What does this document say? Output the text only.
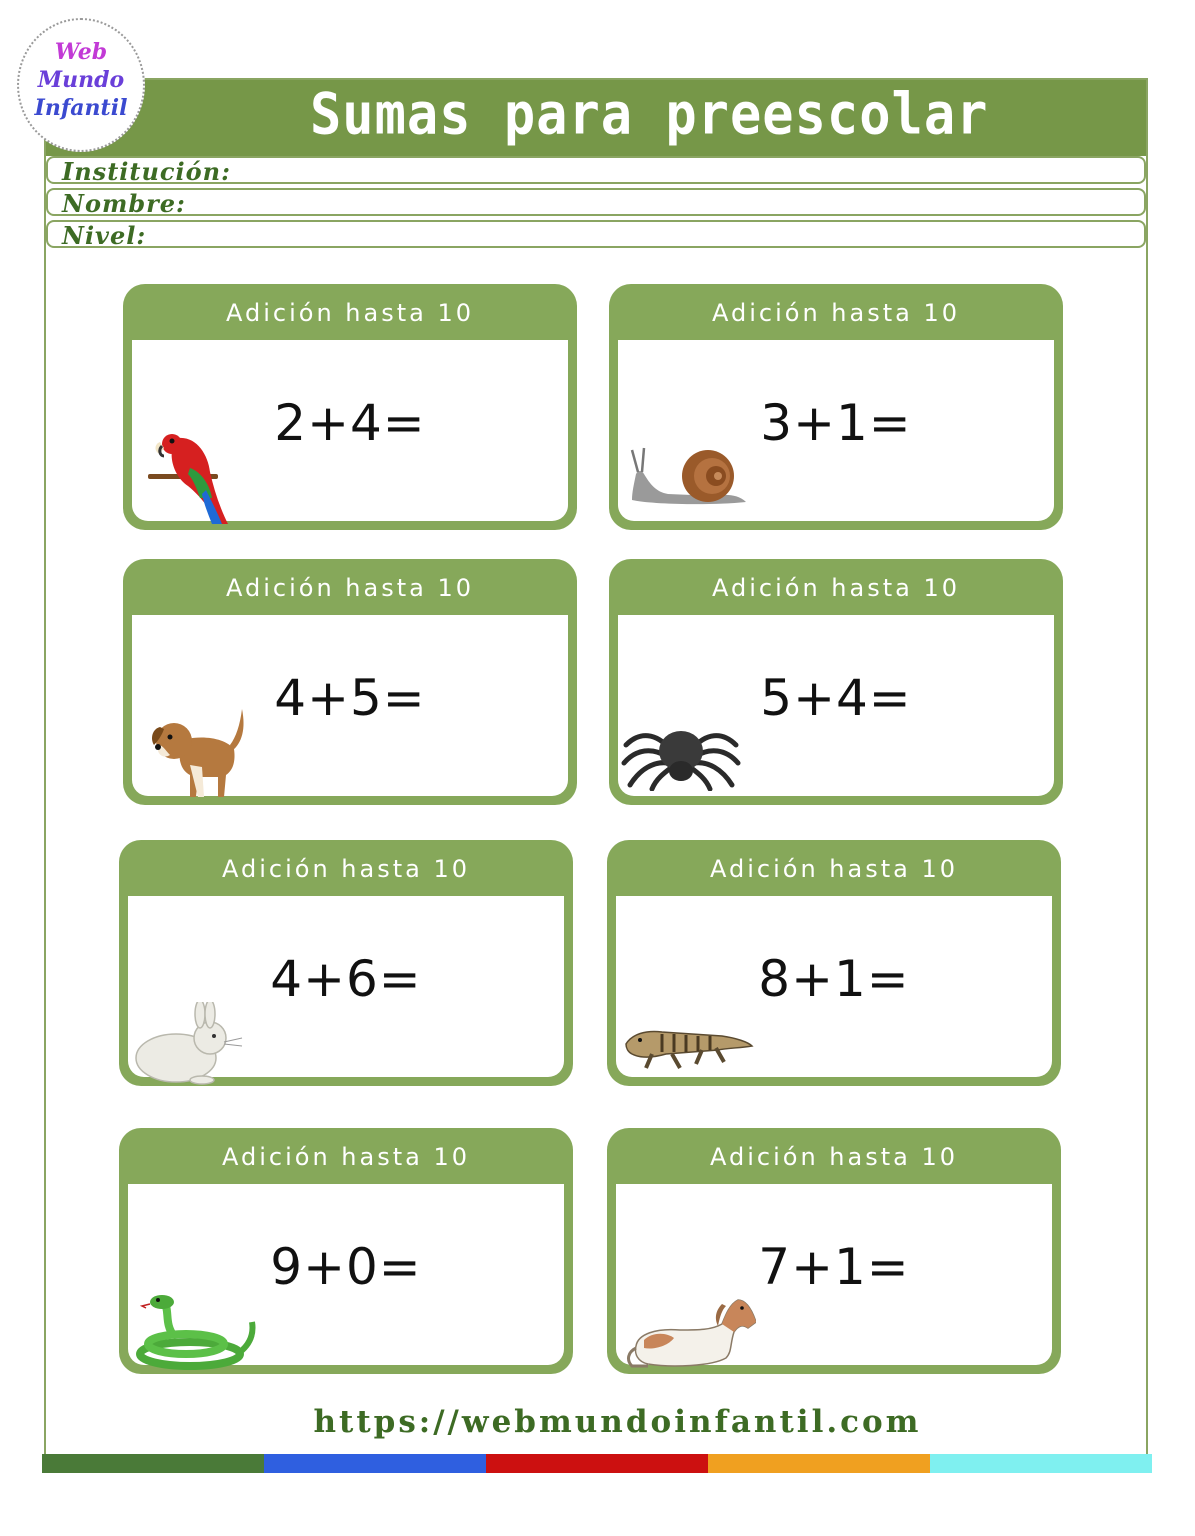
Sumas para preescolar
Web
Mundo
Infantil
Institución:
Nombre:
Nivel:
Adición hasta 10
2+4=
Adición hasta 10
3+1=
Adición hasta 10
4+5=
Adición hasta 10
5+4=
Adición hasta 10
4+6=
Adición hasta 10
8+1=
Adición hasta 10
9+0=
Adición hasta 10
7+1=
https://webmundoinfantil.com
